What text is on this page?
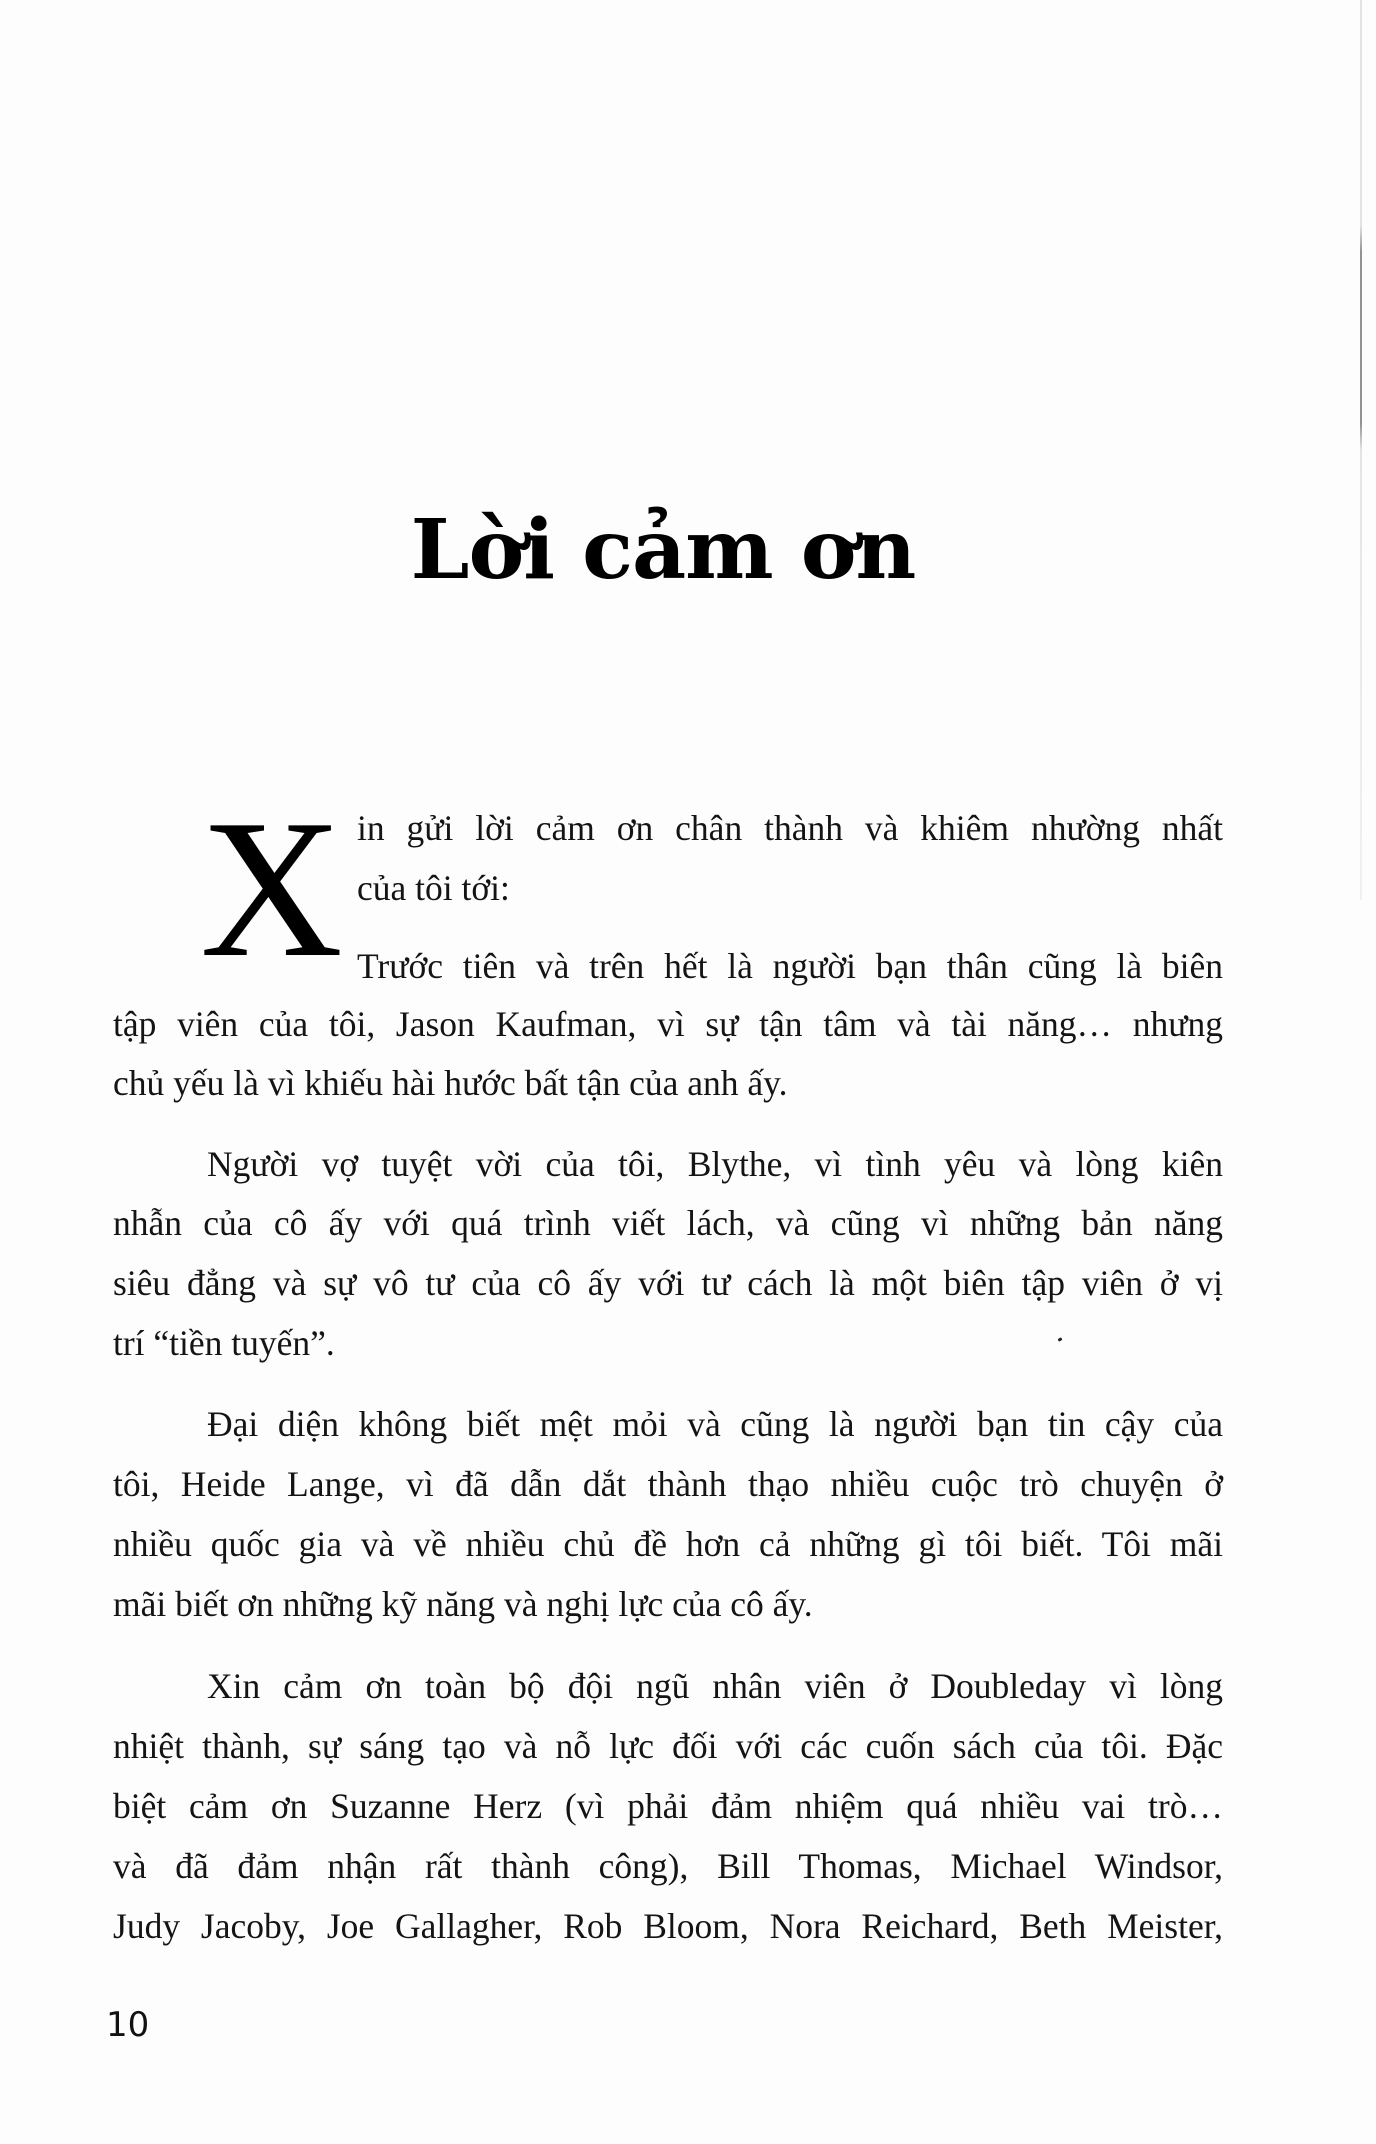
Lời cảm ơn
X in gửi lời cảm ơn chân thành và khiêm nhường nhất
của tôi tới:
Trước tiên và trên hết là người bạn thân cũng là biên
tập viên của tôi, Jason Kaufman, vì sự tận tâm và tài năng… nhưng
chủ yếu là vì khiếu hài hước bất tận của anh ấy.
Người vợ tuyệt vời của tôi, Blythe, vì tình yêu và lòng kiên
nhẫn của cô ấy với quá trình viết lách, và cũng vì những bản năng
siêu đẳng và sự vô tư của cô ấy với tư cách là một biên tập viên ở vị
trí “tiền tuyến”.
Đại diện không biết mệt mỏi và cũng là người bạn tin cậy của
tôi, Heide Lange, vì đã dẫn dắt thành thạo nhiều cuộc trò chuyện ở
nhiều quốc gia và về nhiều chủ đề hơn cả những gì tôi biết. Tôi mãi
mãi biết ơn những kỹ năng và nghị lực của cô ấy.
Xin cảm ơn toàn bộ đội ngũ nhân viên ở Doubleday vì lòng
nhiệt thành, sự sáng tạo và nỗ lực đối với các cuốn sách của tôi. Đặc
biệt cảm ơn Suzanne Herz (vì phải đảm nhiệm quá nhiều vai trò…
và đã đảm nhận rất thành công), Bill Thomas, Michael Windsor,
Judy Jacoby, Joe Gallagher, Rob Bloom, Nora Reichard, Beth Meister,
10
